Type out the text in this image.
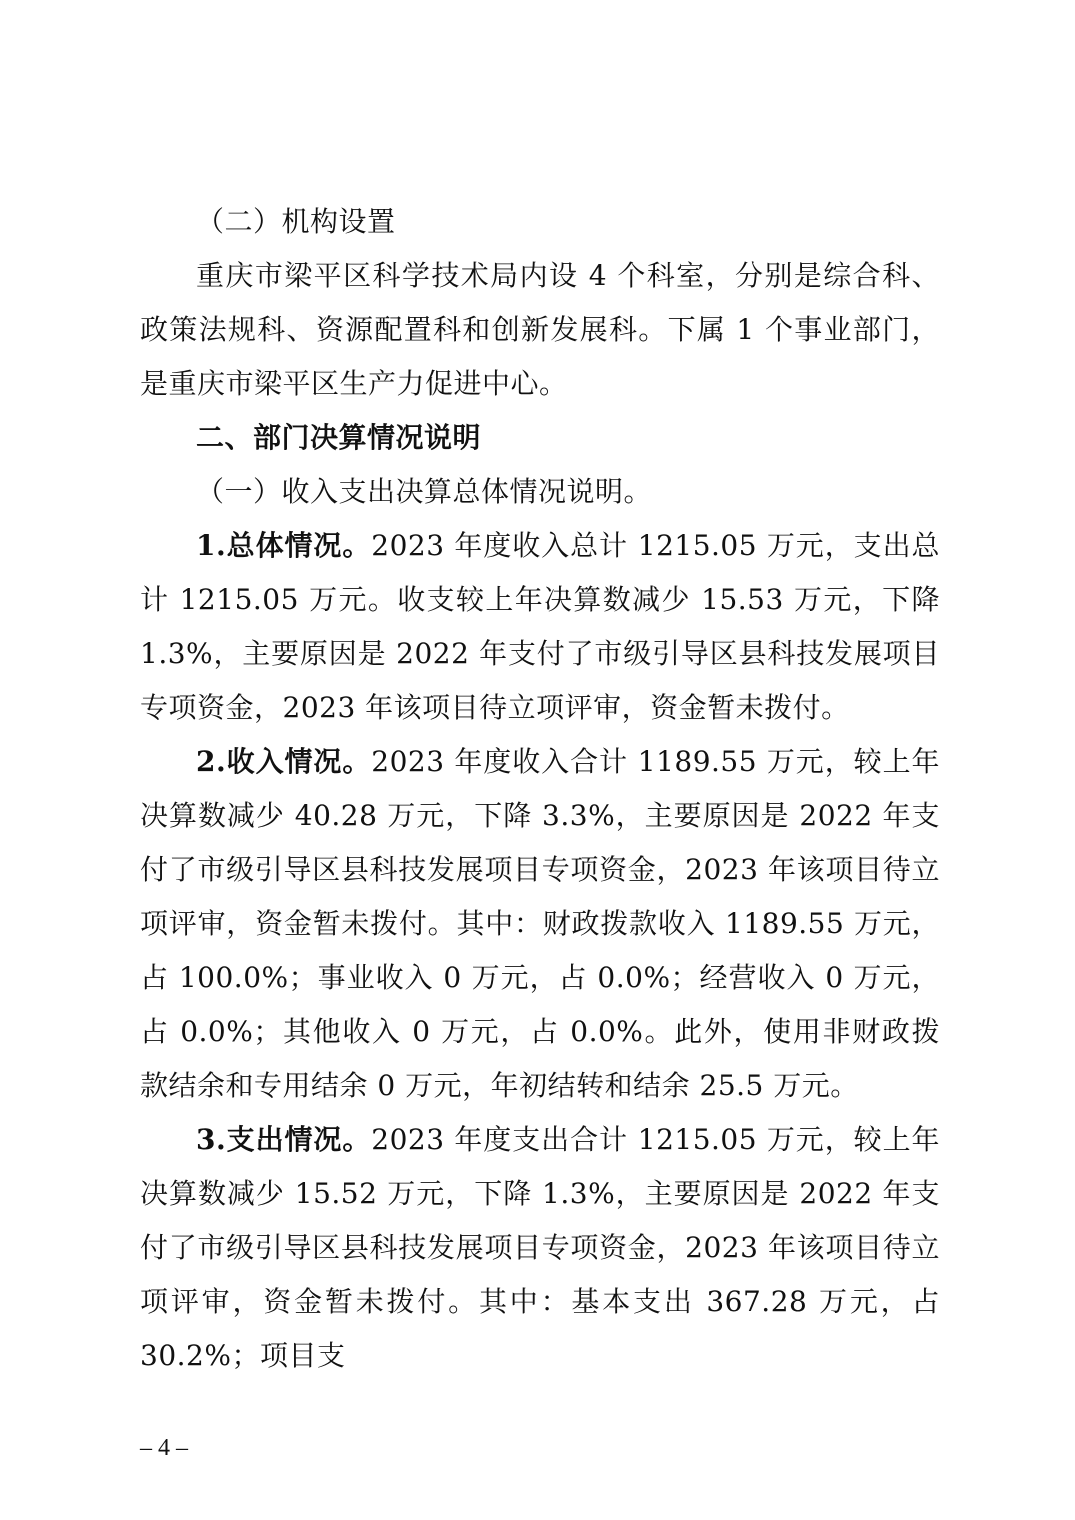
（二）机构设置

重庆市梁平区科学技术局内设 4 个科室，分别是综合科、政策法规科、资源配置科和创新发展科。下属 1 个事业部门，是重庆市梁平区生产力促进中心。

二、部门决算情况说明

（一）收入支出决算总体情况说明。

1.总体情况。2023 年度收入总计 1215.05 万元，支出总计 1215.05 万元。收支较上年决算数减少 15.53 万元，下降 1.3%，主要原因是 2022 年支付了市级引导区县科技发展项目专项资金，2023 年该项目待立项评审，资金暂未拨付。

2.收入情况。2023 年度收入合计 1189.55 万元，较上年决算数减少 40.28 万元，下降 3.3%，主要原因是 2022 年支付了市级引导区县科技发展项目专项资金，2023 年该项目待立项评审，资金暂未拨付。其中：财政拨款收入 1189.55 万元，占 100.0%；事业收入 0 万元，占 0.0%；经营收入 0 万元，占 0.0%；其他收入 0 万元，占 0.0%。此外，使用非财政拨款结余和专用结余 0 万元，年初结转和结余 25.5 万元。

3.支出情况。2023 年度支出合计 1215.05 万元，较上年决算数减少 15.52 万元，下降 1.3%，主要原因是 2022 年支付了市级引导区县科技发展项目专项资金，2023 年该项目待立项评审，资金暂未拨付。其中：基本支出 367.28 万元，占 30.2%；项目支

– 4 –
